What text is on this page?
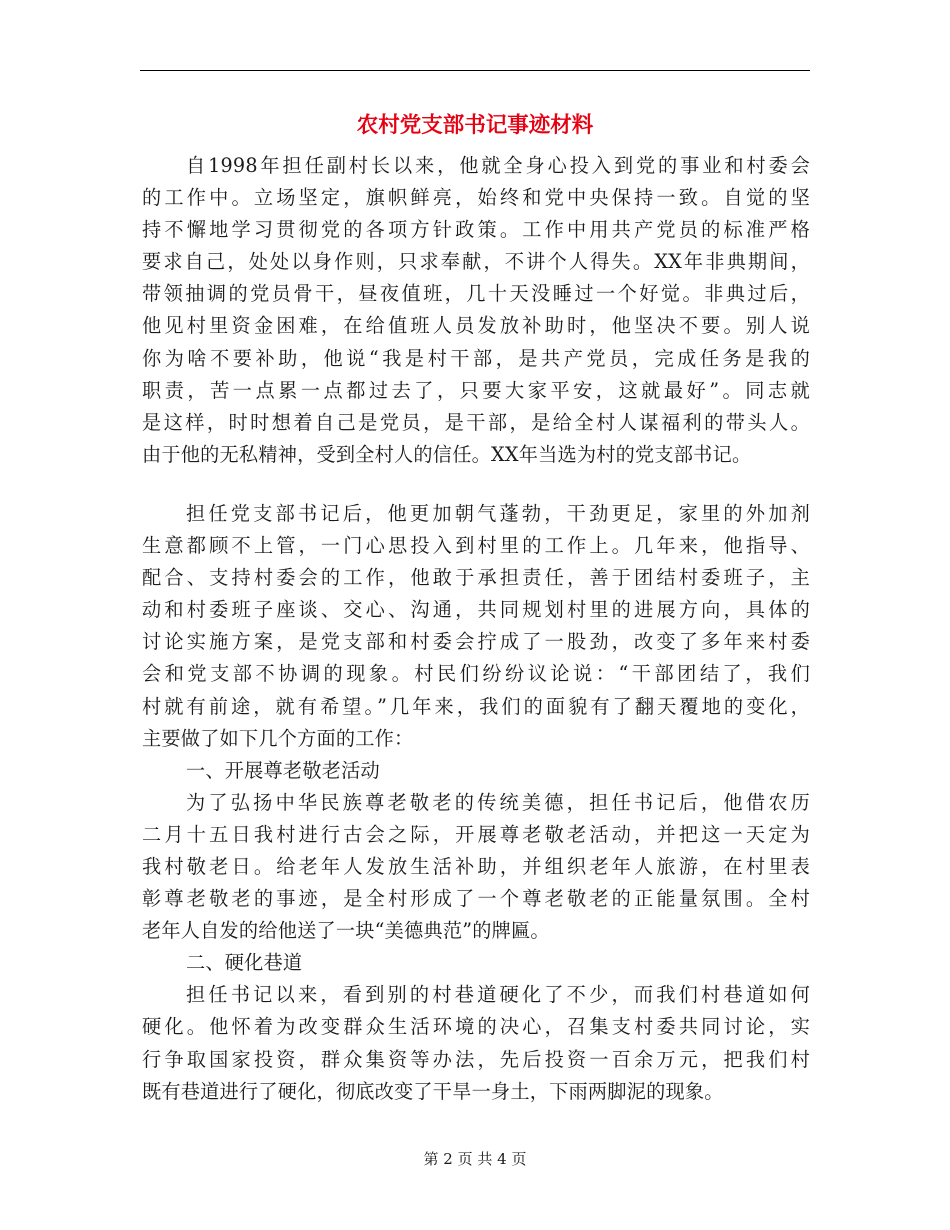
农村党支部书记事迹材料
自1998年担任副村长以来，他就全身心投入到党的事业和村委会
的工作中。立场坚定，旗帜鲜亮，始终和党中央保持一致。自觉的坚
持不懈地学习贯彻党的各项方针政策。工作中用共产党员的标准严格
要求自己，处处以身作则，只求奉献，不讲个人得失。XX年非典期间，
带领抽调的党员骨干，昼夜值班，几十天没睡过一个好觉。非典过后，
他见村里资金困难，在给值班人员发放补助时，他坚决不要。别人说
你为啥不要补助，他说“我是村干部，是共产党员，完成任务是我的
职责，苦一点累一点都过去了，只要大家平安，这就最好”。同志就
是这样，时时想着自己是党员，是干部，是给全村人谋福利的带头人。
由于他的无私精神，受到全村人的信任。XX年当选为村的党支部书记。
担任党支部书记后，他更加朝气蓬勃，干劲更足，家里的外加剂
生意都顾不上管，一门心思投入到村里的工作上。几年来，他指导、
配合、支持村委会的工作，他敢于承担责任，善于团结村委班子，主
动和村委班子座谈、交心、沟通，共同规划村里的进展方向，具体的
讨论实施方案，是党支部和村委会拧成了一股劲，改变了多年来村委
会和党支部不协调的现象。村民们纷纷议论说：“干部团结了，我们
村就有前途，就有希望。”几年来，我们的面貌有了翻天覆地的变化，
主要做了如下几个方面的工作：
一、开展尊老敬老活动
为了弘扬中华民族尊老敬老的传统美德，担任书记后，他借农历
二月十五日我村进行古会之际，开展尊老敬老活动，并把这一天定为
我村敬老日。给老年人发放生活补助，并组织老年人旅游，在村里表
彰尊老敬老的事迹，是全村形成了一个尊老敬老的正能量氛围。全村
老年人自发的给他送了一块“美德典范”的牌匾。
二、硬化巷道
担任书记以来，看到别的村巷道硬化了不少，而我们村巷道如何
硬化。他怀着为改变群众生活环境的决心，召集支村委共同讨论，实
行争取国家投资，群众集资等办法，先后投资一百余万元，把我们村
既有巷道进行了硬化，彻底改变了干旱一身土，下雨两脚泥的现象。
第 2 页 共 4 页
